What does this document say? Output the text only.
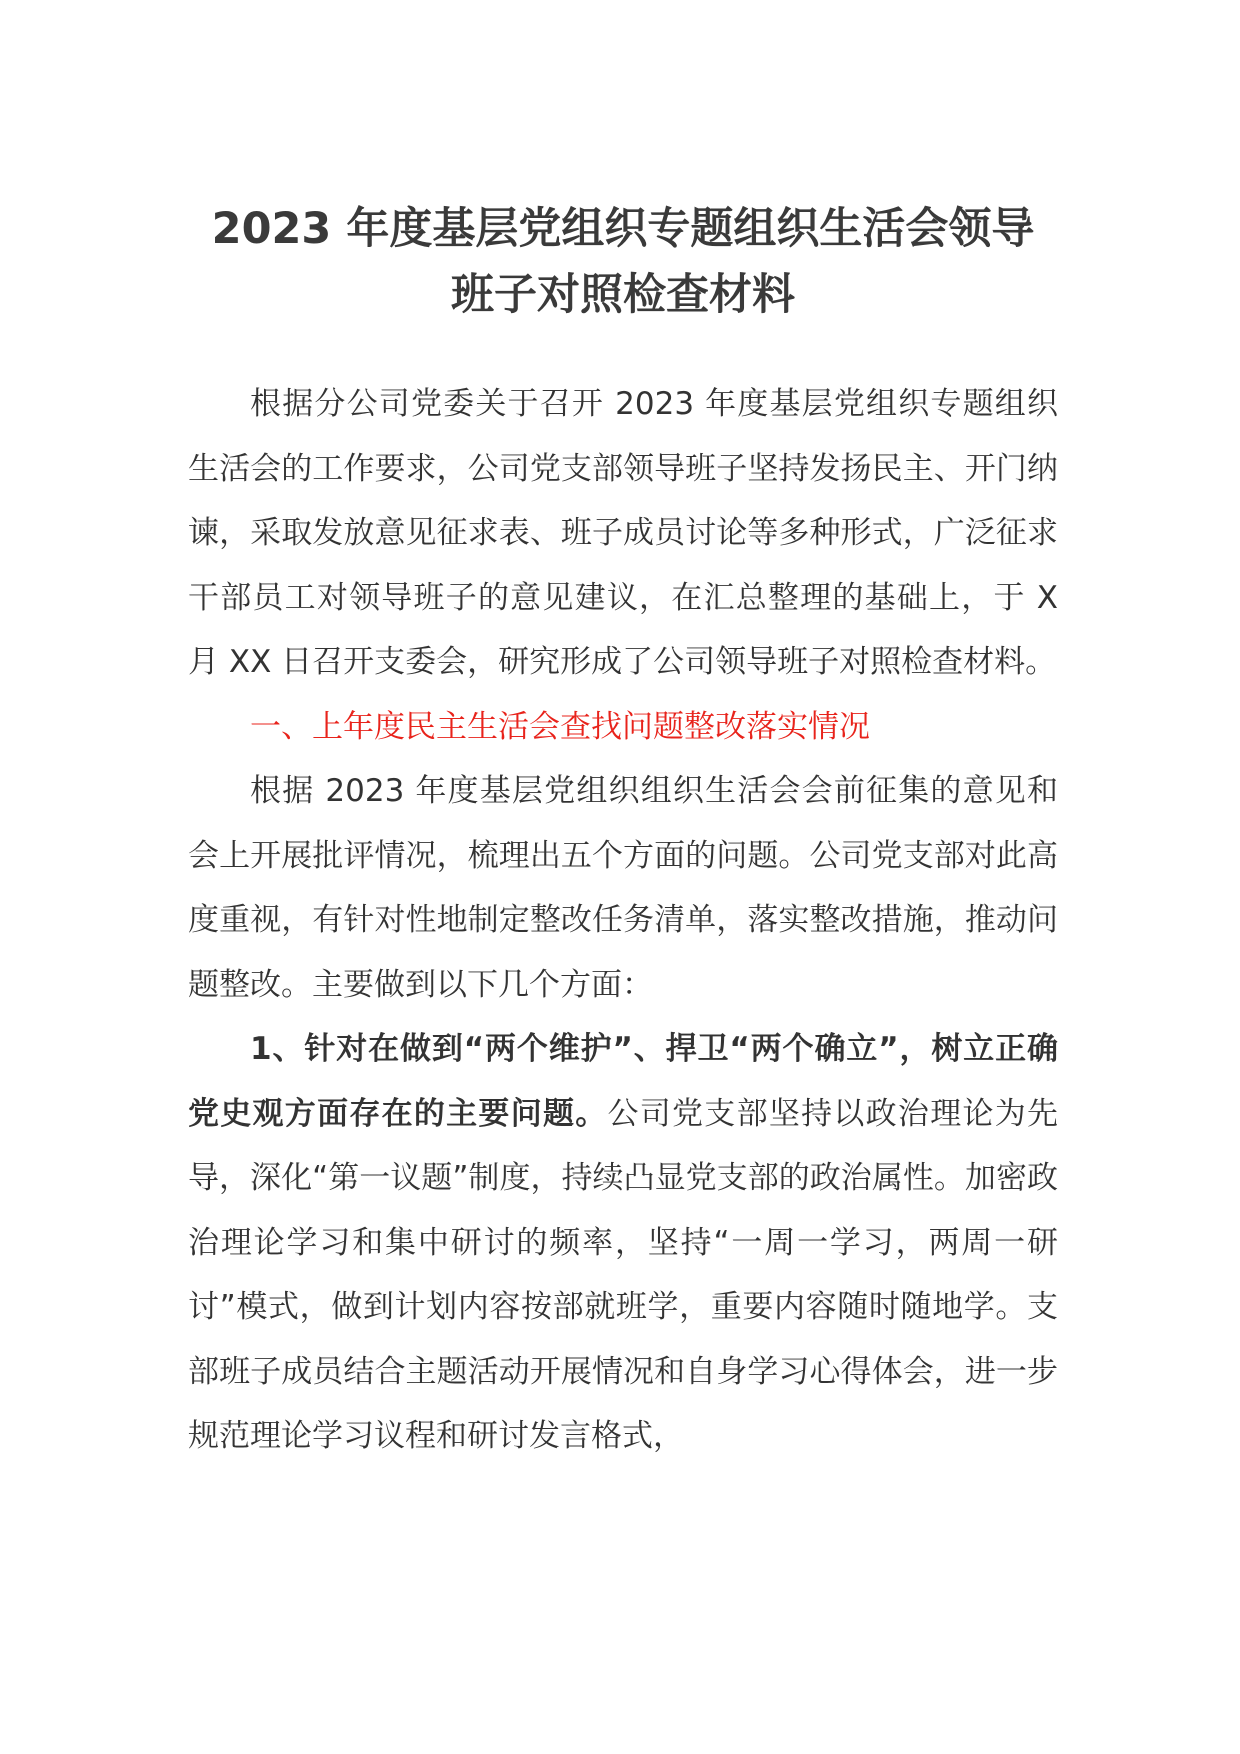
2023 年度基层党组织专题组织生活会领导
班子对照检查材料

根据分公司党委关于召开 2023 年度基层党组织专题组织生活会的工作要求，公司党支部领导班子坚持发扬民主、开门纳谏，采取发放意见征求表、班子成员讨论等多种形式，广泛征求干部员工对领导班子的意见建议，在汇总整理的基础上，于 X 月 XX 日召开支委会，研究形成了公司领导班子对照检查材料。

一、上年度民主生活会查找问题整改落实情况

根据 2023 年度基层党组织组织生活会会前征集的意见和会上开展批评情况，梳理出五个方面的问题。公司党支部对此高度重视，有针对性地制定整改任务清单，落实整改措施，推动问题整改。主要做到以下几个方面：

1、针对在做到“两个维护”、捍卫“两个确立”，树立正确党史观方面存在的主要问题。公司党支部坚持以政治理论为先导，深化“第一议题”制度，持续凸显党支部的政治属性。加密政治理论学习和集中研讨的频率，坚持“一周一学习，两周一研讨”模式，做到计划内容按部就班学，重要内容随时随地学。支部班子成员结合主题活动开展情况和自身学习心得体会，进一步规范理论学习议程和研讨发言格式，
